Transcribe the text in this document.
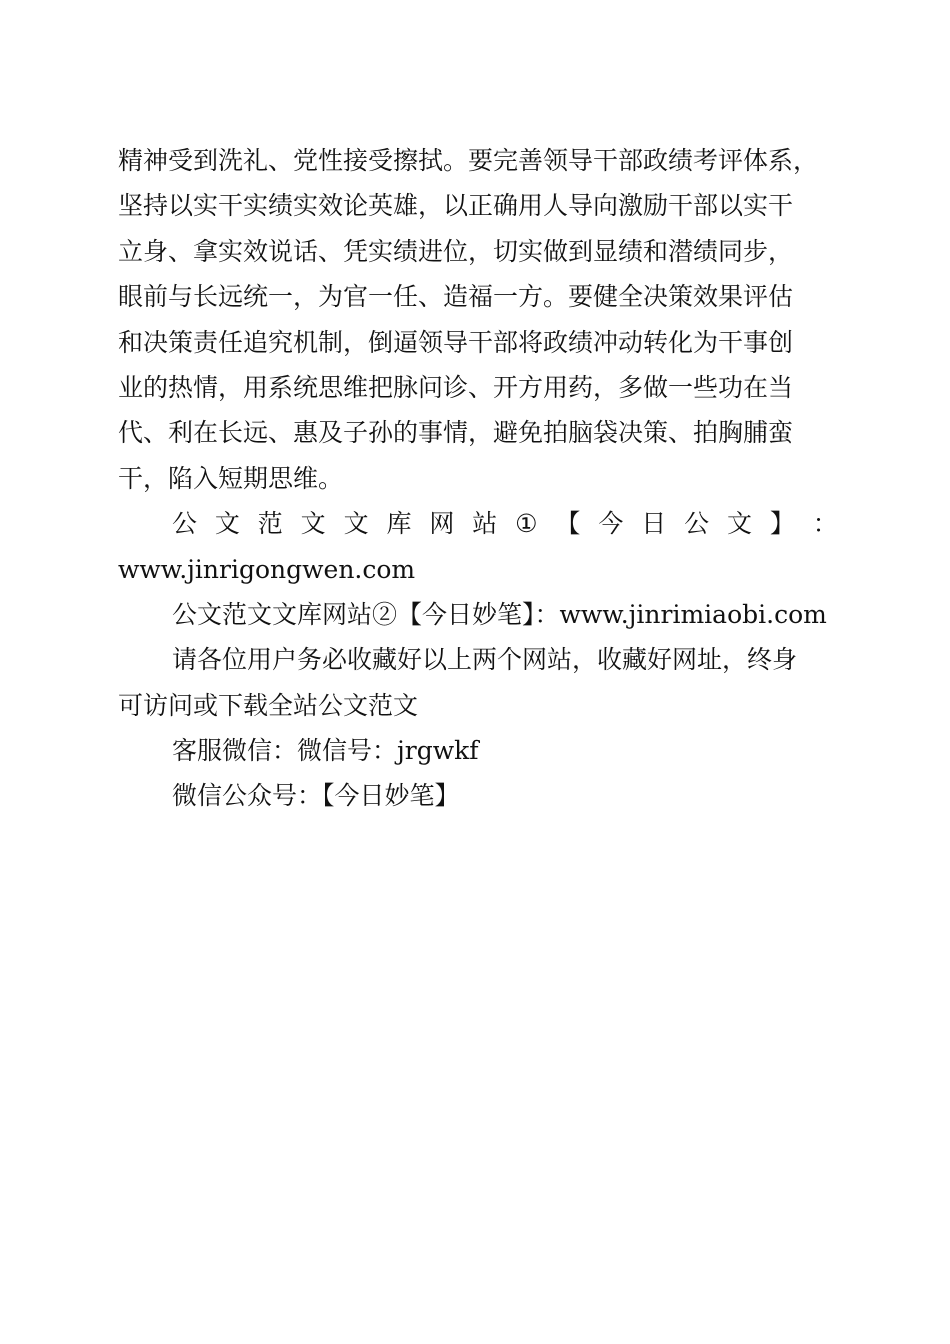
精神受到洗礼、党性接受擦拭。要完善领导干部政绩考评体系，
坚持以实干实绩实效论英雄，以正确用人导向激励干部以实干
立身、拿实效说话、凭实绩进位，切实做到显绩和潜绩同步，
眼前与长远统一，为官一任、造福一方。要健全决策效果评估
和决策责任追究机制，倒逼领导干部将政绩冲动转化为干事创
业的热情，用系统思维把脉问诊、开方用药，多做一些功在当
代、利在长远、惠及子孙的事情，避免拍脑袋决策、拍胸脯蛮
干，陷入短期思维。
公 文 范 文 文 库 网 站 ① 【 今 日 公 文 】 ：
www.jinrigongwen.com
公文范文文库网站②【今日妙笔】：www.jinrimiaobi.com
请各位用户务必收藏好以上两个网站，收藏好网址，终身
可访问或下载全站公文范文
客服微信：微信号：jrgwkf
微信公众号：【今日妙笔】
